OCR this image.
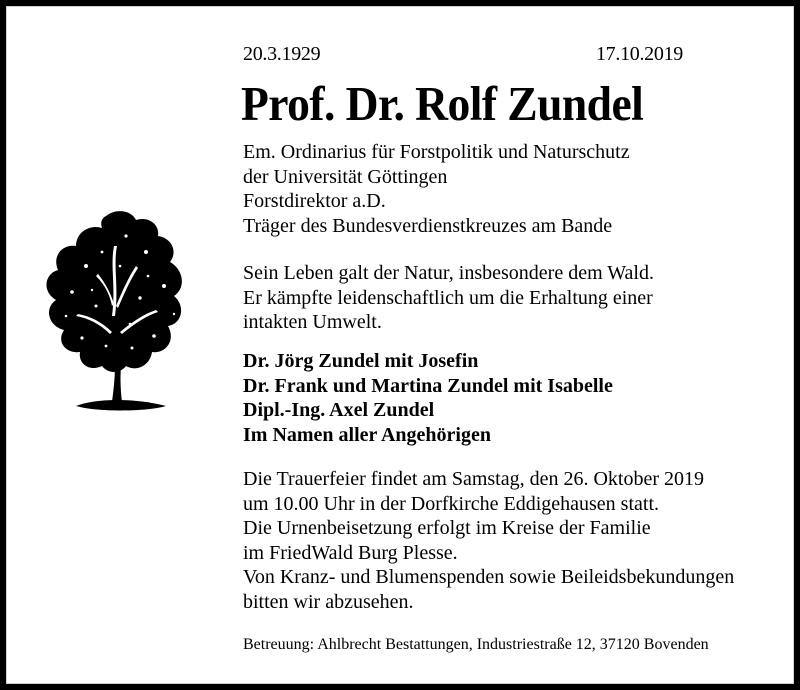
20.3.1929	17.10.2019
Prof. Dr. Rolf Zundel
Em. Ordinarius für Forstpolitik und Naturschutz
der Universität Göttingen
Forstdirektor a.D.
Träger des Bundesverdienstkreuzes am Bande
Sein Leben galt der Natur, insbesondere dem Wald.
Er kämpfte leidenschaftlich um die Erhaltung einer
intakten Umwelt.
Dr. Jörg Zundel mit Josefin
Dr. Frank und Martina Zundel mit Isabelle
Dipl.-Ing. Axel Zundel
Im Namen aller Angehörigen
Die Trauerfeier findet am Samstag, den 26. Oktober 2019
um 10.00 Uhr in der Dorfkirche Eddigehausen statt.
Die Urnenbeisetzung erfolgt im Kreise der Familie
im FriedWald Burg Plesse.
Von Kranz- und Blumenspenden sowie Beileidsbekundungen
bitten wir abzusehen.
Betreuung: Ahlbrecht Bestattungen, Industriestraße 12, 37120 Bovenden
